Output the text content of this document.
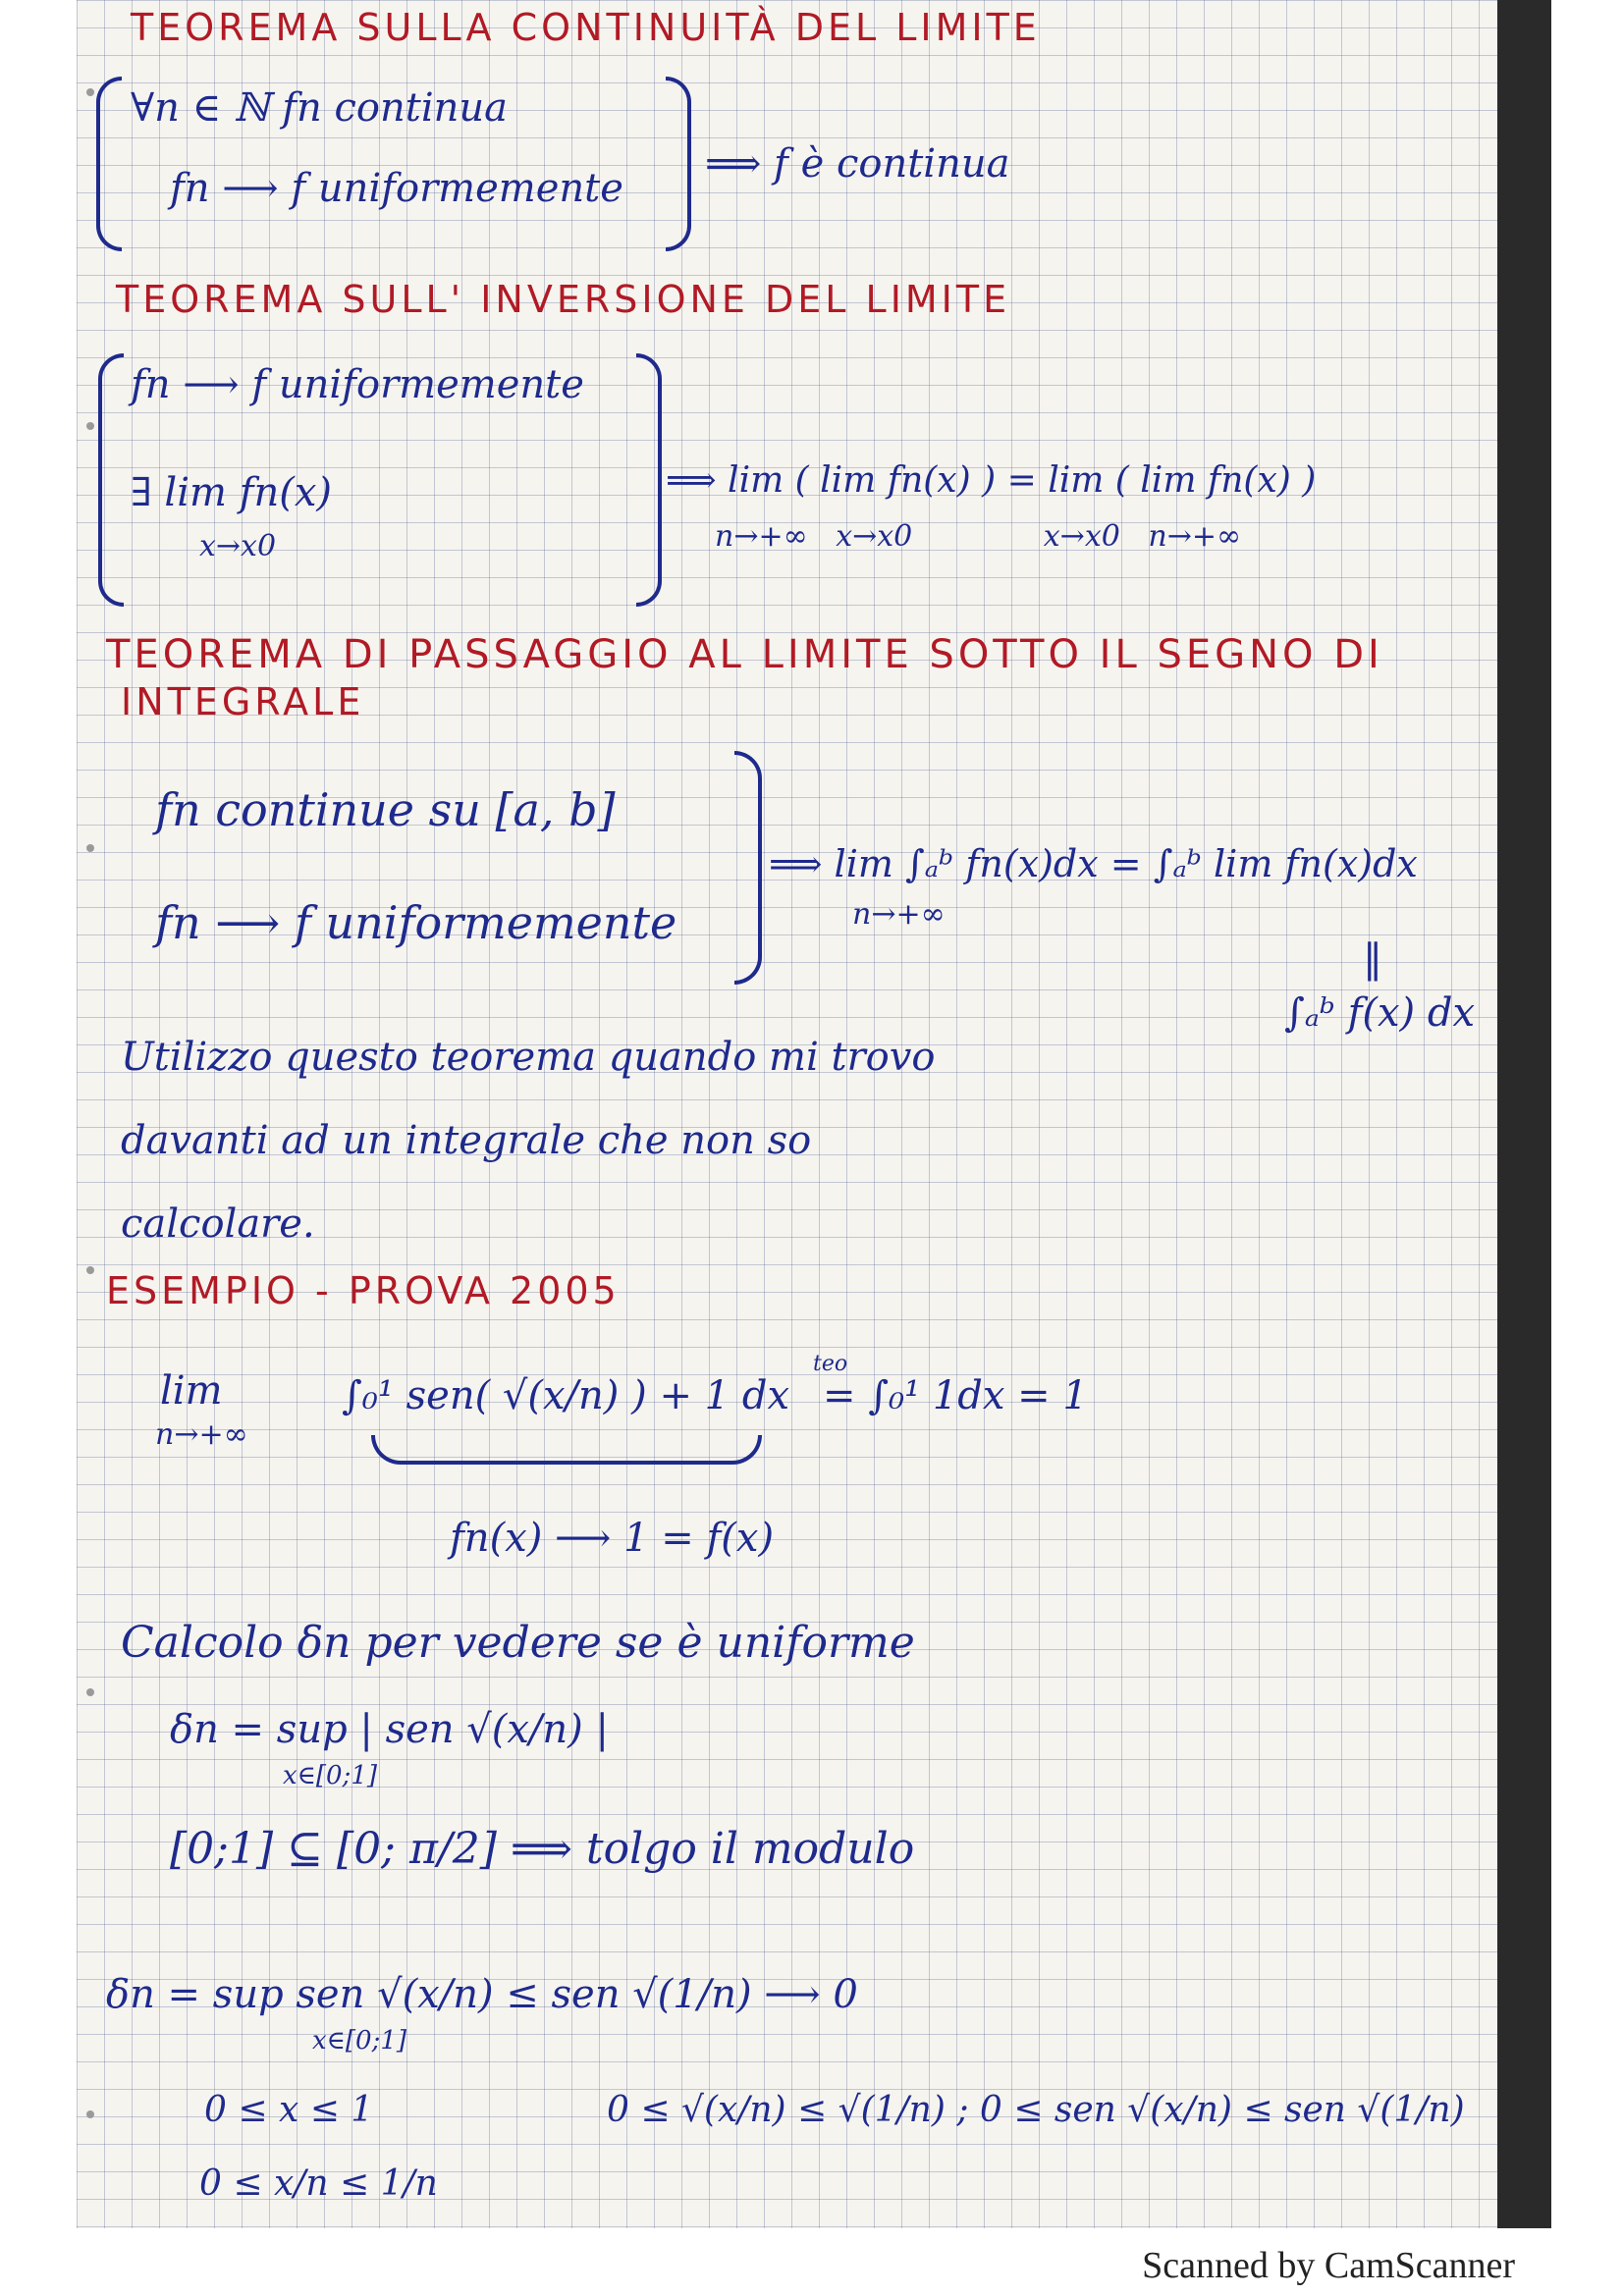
TEOREMA SULLA CONTINUITÀ DEL LIMITE
∀n ∈ ℕ fn continua
fn ⟶ f uniformemente
⟹ f è continua
TEOREMA SULL' INVERSIONE DEL LIMITE
fn ⟶ f uniformemente
∃ lim fn(x)
x→x0
⟹ lim ( lim fn(x) ) = lim ( lim fn(x) )
n→+∞   x→x0              x→x0   n→+∞
TEOREMA DI PASSAGGIO AL LIMITE SOTTO IL SEGNO DI
INTEGRALE
fn continue su [a, b]
fn ⟶ f uniformemente
⟹ lim ∫ₐᵇ fn(x)dx = ∫ₐᵇ lim fn(x)dx
n→+∞
‖
∫ₐᵇ f(x) dx
Utilizzo questo teorema quando mi trovo
davanti ad un integrale che non so
calcolare.
ESEMPIO - PROVA 2005
lim
n→+∞
∫₀¹ sen( √(x/n) ) + 1 dx
teo
= ∫₀¹ 1dx = 1
fn(x) ⟶ 1 = f(x)
Calcolo δn per vedere se è uniforme
δn = sup | sen √(x/n) |
x∈[0;1]
[0;1] ⊆ [0; π/2] ⟹ tolgo il modulo
δn = sup sen √(x/n) ≤ sen √(1/n) ⟶ 0
x∈[0;1]
0 ≤ x ≤ 1	0 ≤ √(x/n) ≤ √(1/n) ; 0 ≤ sen √(x/n) ≤ sen √(1/n)
0 ≤ x/n ≤ 1/n
Scanned by CamScanner
